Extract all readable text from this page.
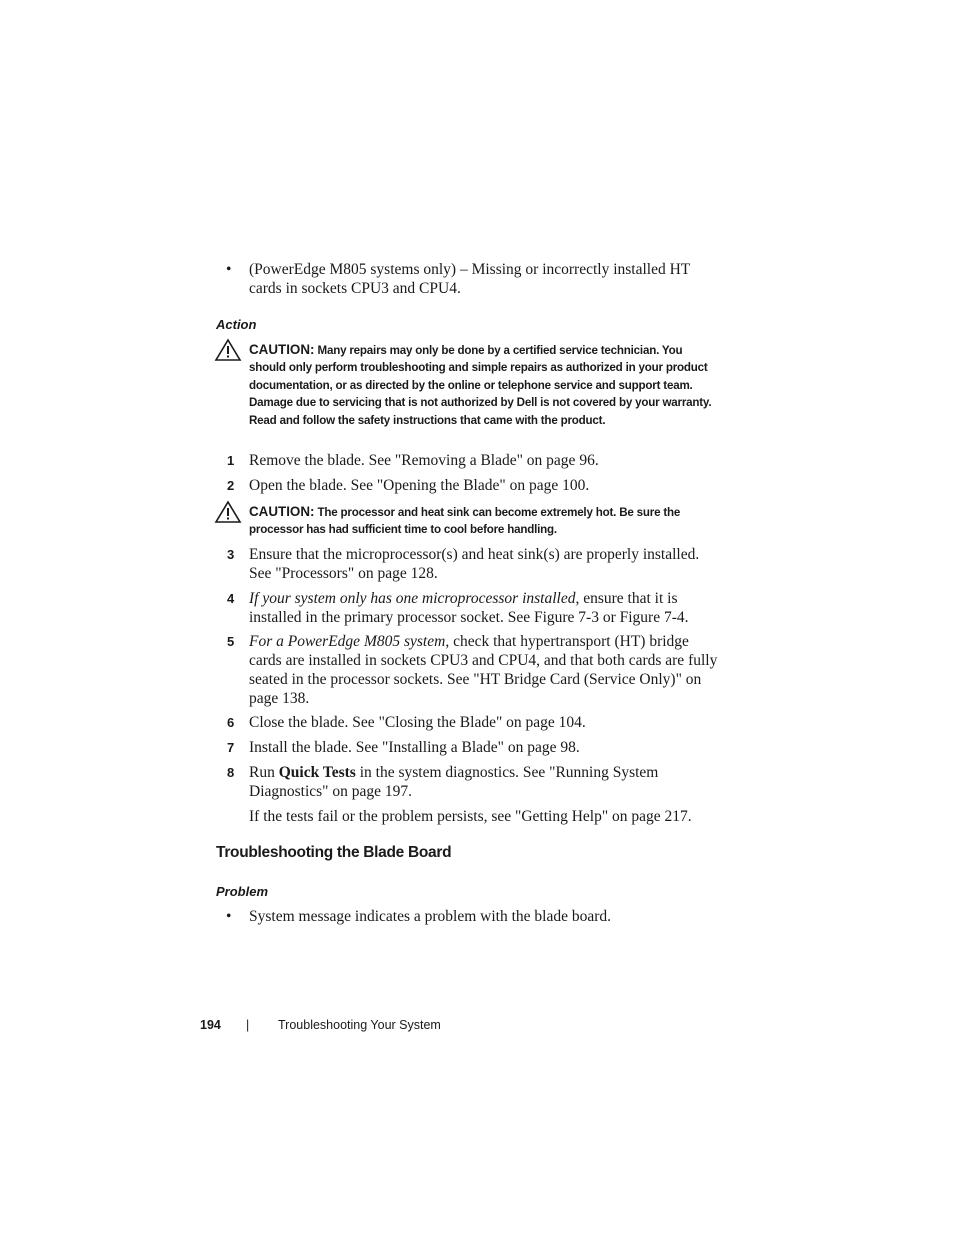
• (PowerEdge M805 systems only) – Missing or incorrectly installed HT cards in sockets CPU3 and CPU4.
Action
CAUTION: Many repairs may only be done by a certified service technician. You should only perform troubleshooting and simple repairs as authorized in your product documentation, or as directed by the online or telephone service and support team. Damage due to servicing that is not authorized by Dell is not covered by your warranty. Read and follow the safety instructions that came with the product.
1 Remove the blade. See "Removing a Blade" on page 96.
2 Open the blade. See "Opening the Blade" on page 100.
CAUTION: The processor and heat sink can become extremely hot. Be sure the processor has had sufficient time to cool before handling.
3 Ensure that the microprocessor(s) and heat sink(s) are properly installed. See "Processors" on page 128.
4 If your system only has one microprocessor installed, ensure that it is installed in the primary processor socket. See Figure 7-3 or Figure 7-4.
5 For a PowerEdge M805 system, check that hypertransport (HT) bridge cards are installed in sockets CPU3 and CPU4, and that both cards are fully seated in the processor sockets. See "HT Bridge Card (Service Only)" on page 138.
6 Close the blade. See "Closing the Blade" on page 104.
7 Install the blade. See "Installing a Blade" on page 98.
8 Run Quick Tests in the system diagnostics. See "Running System Diagnostics" on page 197.
If the tests fail or the problem persists, see "Getting Help" on page 217.
Troubleshooting the Blade Board
Problem
• System message indicates a problem with the blade board.
194 | Troubleshooting Your System
